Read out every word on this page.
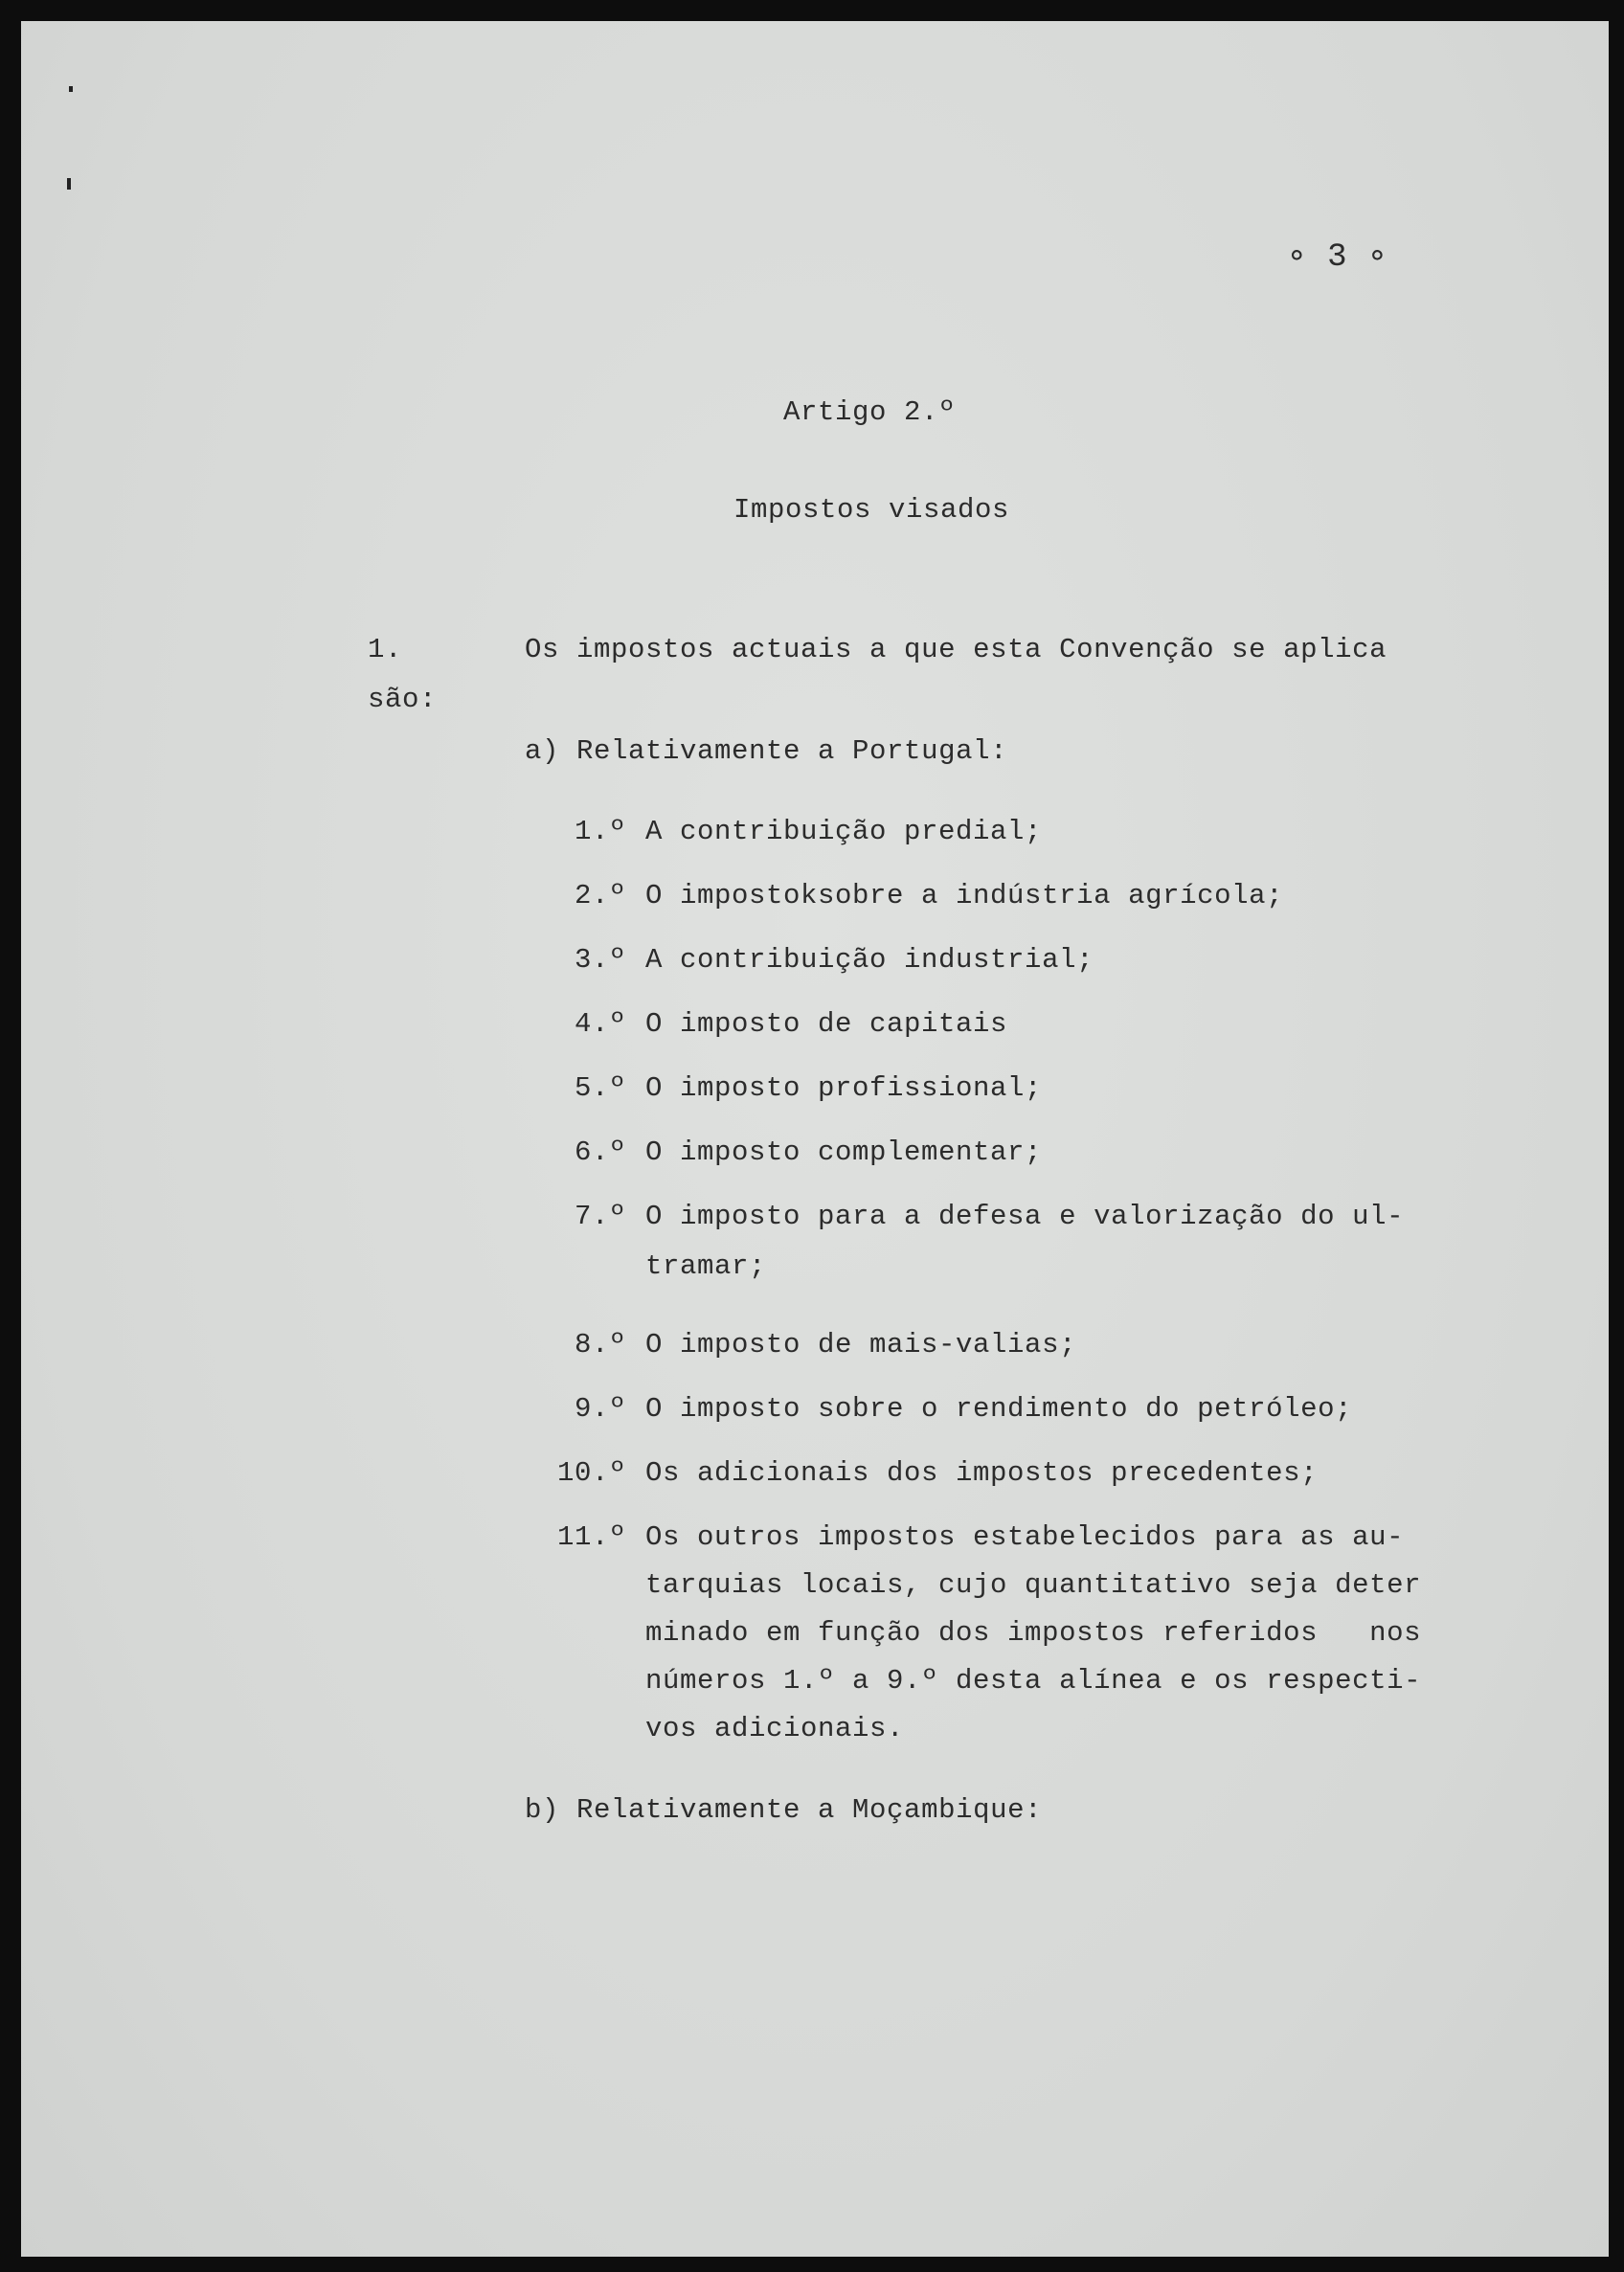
∘ 3 ∘
Artigo 2.º
Impostos visados
1.	Os impostos actuais a que esta Convenção se aplica
são:
a) Relativamente a Portugal:
1.º A contribuição predial;
2.º O impostoksobre a indústria agrícola;
3.º A contribuição industrial;
4.º O imposto de capitais
5.º O imposto profissional;
6.º O imposto complementar;
7.º O imposto para a defesa e valorização do ul-
tramar;
8.º O imposto de mais-valias;
9.º O imposto sobre o rendimento do petróleo;
10.º Os adicionais dos impostos precedentes;
11.º Os outros impostos estabelecidos para as au-
tarquias locais, cujo quantitativo seja deter
minado em função dos impostos referidos   nos
números 1.º a 9.º desta alínea e os respecti-
vos adicionais.
b) Relativamente a Moçambique:
